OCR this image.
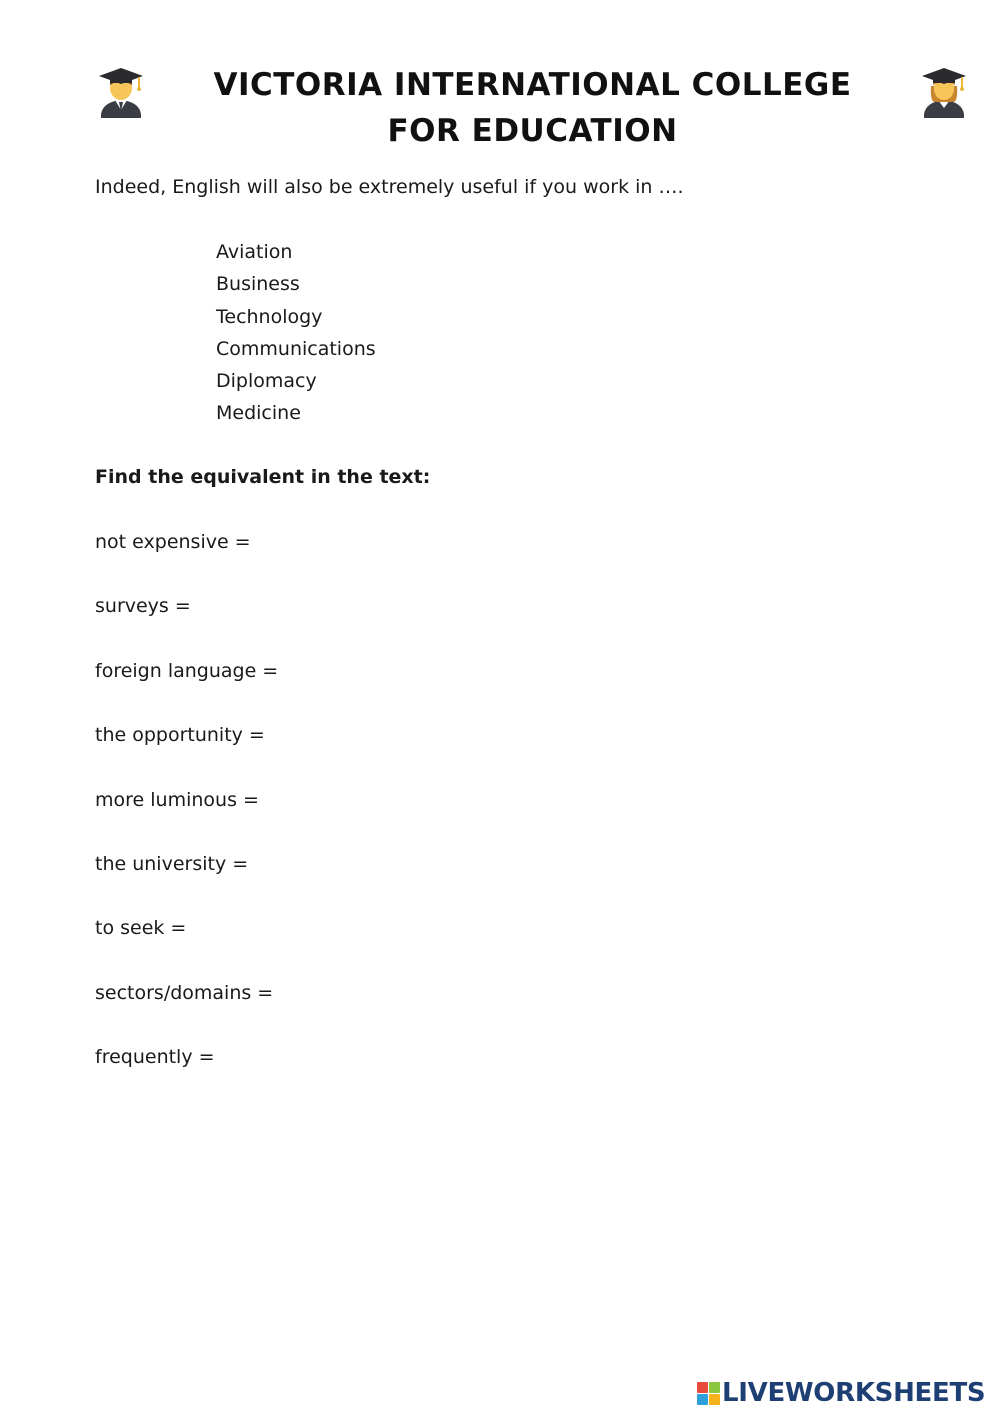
VICTORIA INTERNATIONAL COLLEGE
FOR EDUCATION
Indeed, English will also be extremely useful if you work in ….
Aviation
Business
Technology
Communications
Diplomacy
Medicine
Find the equivalent in the text:
not expensive =
surveys =
foreign language =
the opportunity =
more luminous =
the university =
to seek =
sectors/domains =
frequently =
LIVEWORKSHEETS
